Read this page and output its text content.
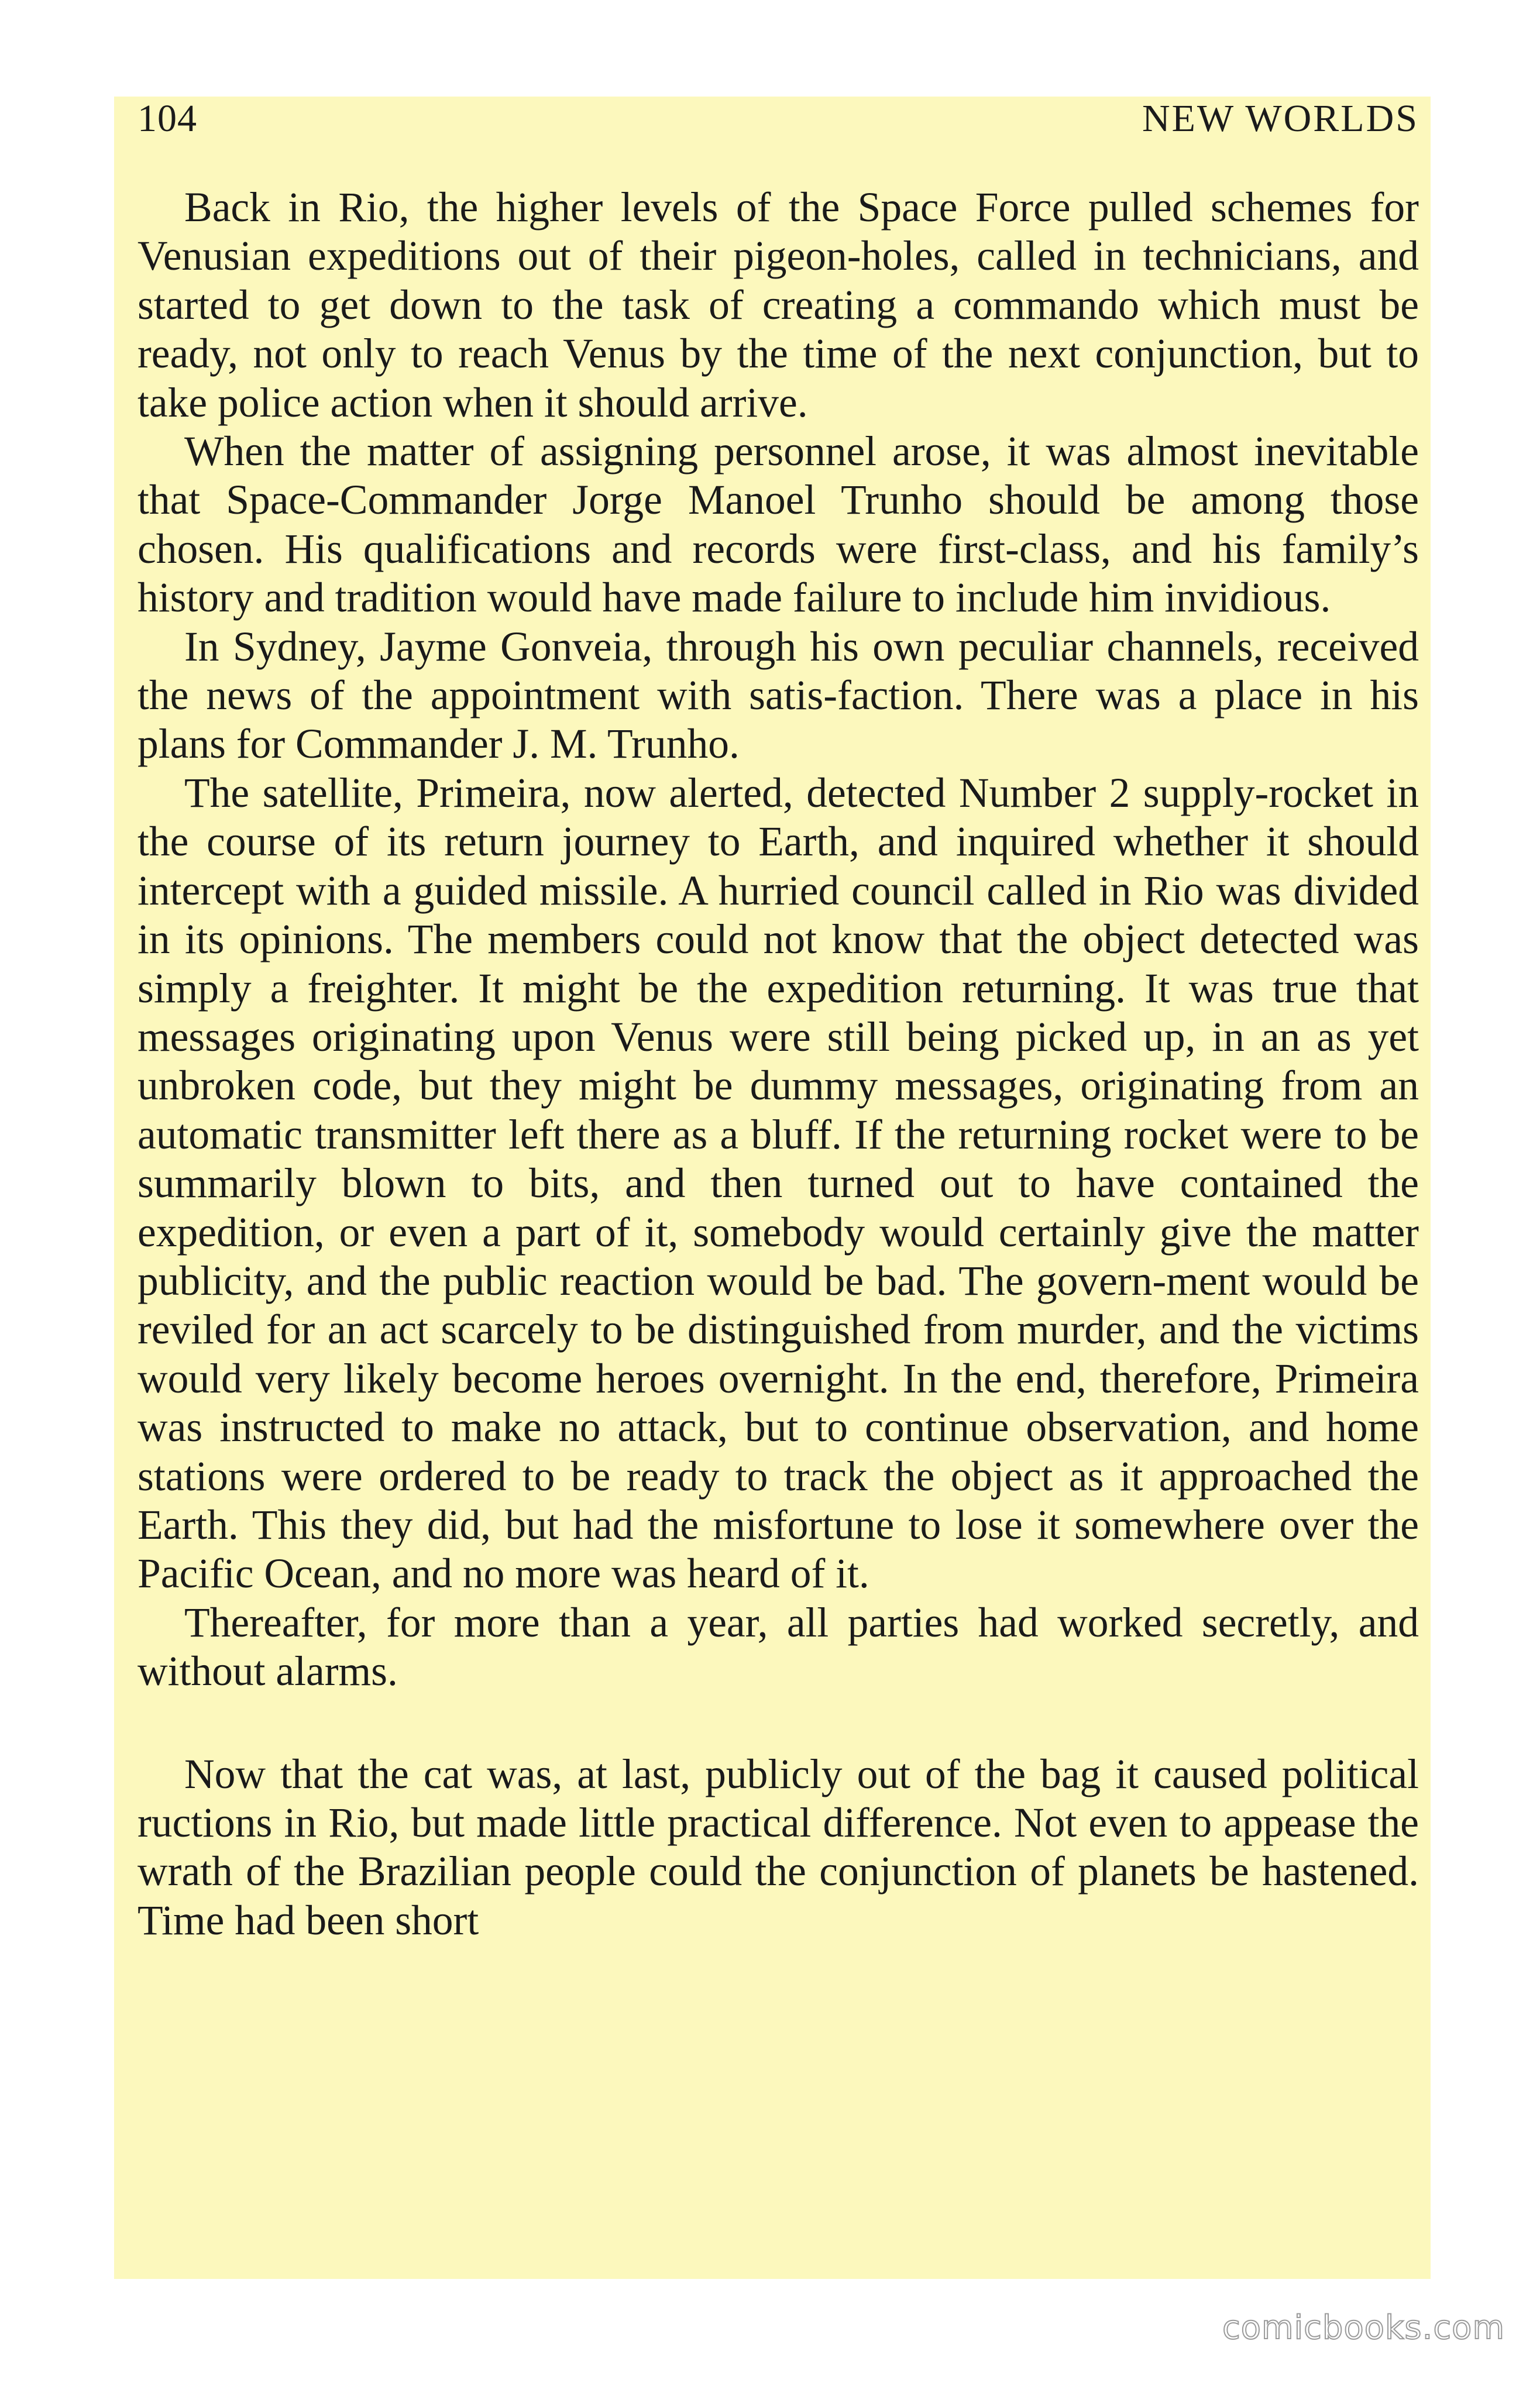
104	NEW WORLDS

Back in Rio, the higher levels of the Space Force pulled schemes for Venusian expeditions out of their pigeon-holes, called in technicians, and started to get down to the task of creating a commando which must be ready, not only to reach Venus by the time of the next conjunction, but to take police action when it should arrive.

When the matter of assigning personnel arose, it was almost inevitable that Space-Commander Jorge Manoel Trunho should be among those chosen. His qualifications and records were first-class, and his family’s history and tradition would have made failure to include him invidious.

In Sydney, Jayme Gonveia, through his own peculiar channels, received the news of the appointment with satis-faction. There was a place in his plans for Commander J. M. Trunho.

The satellite, Primeira, now alerted, detected Number 2 supply-rocket in the course of its return journey to Earth, and inquired whether it should intercept with a guided missile. A hurried council called in Rio was divided in its opinions. The members could not know that the object detected was simply a freighter. It might be the expedition returning. It was true that messages originating upon Venus were still being picked up, in an as yet unbroken code, but they might be dummy messages, originating from an automatic transmitter left there as a bluff. If the returning rocket were to be summarily blown to bits, and then turned out to have contained the expedition, or even a part of it, somebody would certainly give the matter publicity, and the public reaction would be bad. The govern-ment would be reviled for an act scarcely to be distinguished from murder, and the victims would very likely become heroes overnight. In the end, therefore, Primeira was instructed to make no attack, but to continue observation, and home stations were ordered to be ready to track the object as it approached the Earth. This they did, but had the misfortune to lose it somewhere over the Pacific Ocean, and no more was heard of it.

Thereafter, for more than a year, all parties had worked secretly, and without alarms.

Now that the cat was, at last, publicly out of the bag it caused political ructions in Rio, but made little practical difference. Not even to appease the wrath of the Brazilian people could the conjunction of planets be hastened. Time had been short

comicbooks.com
